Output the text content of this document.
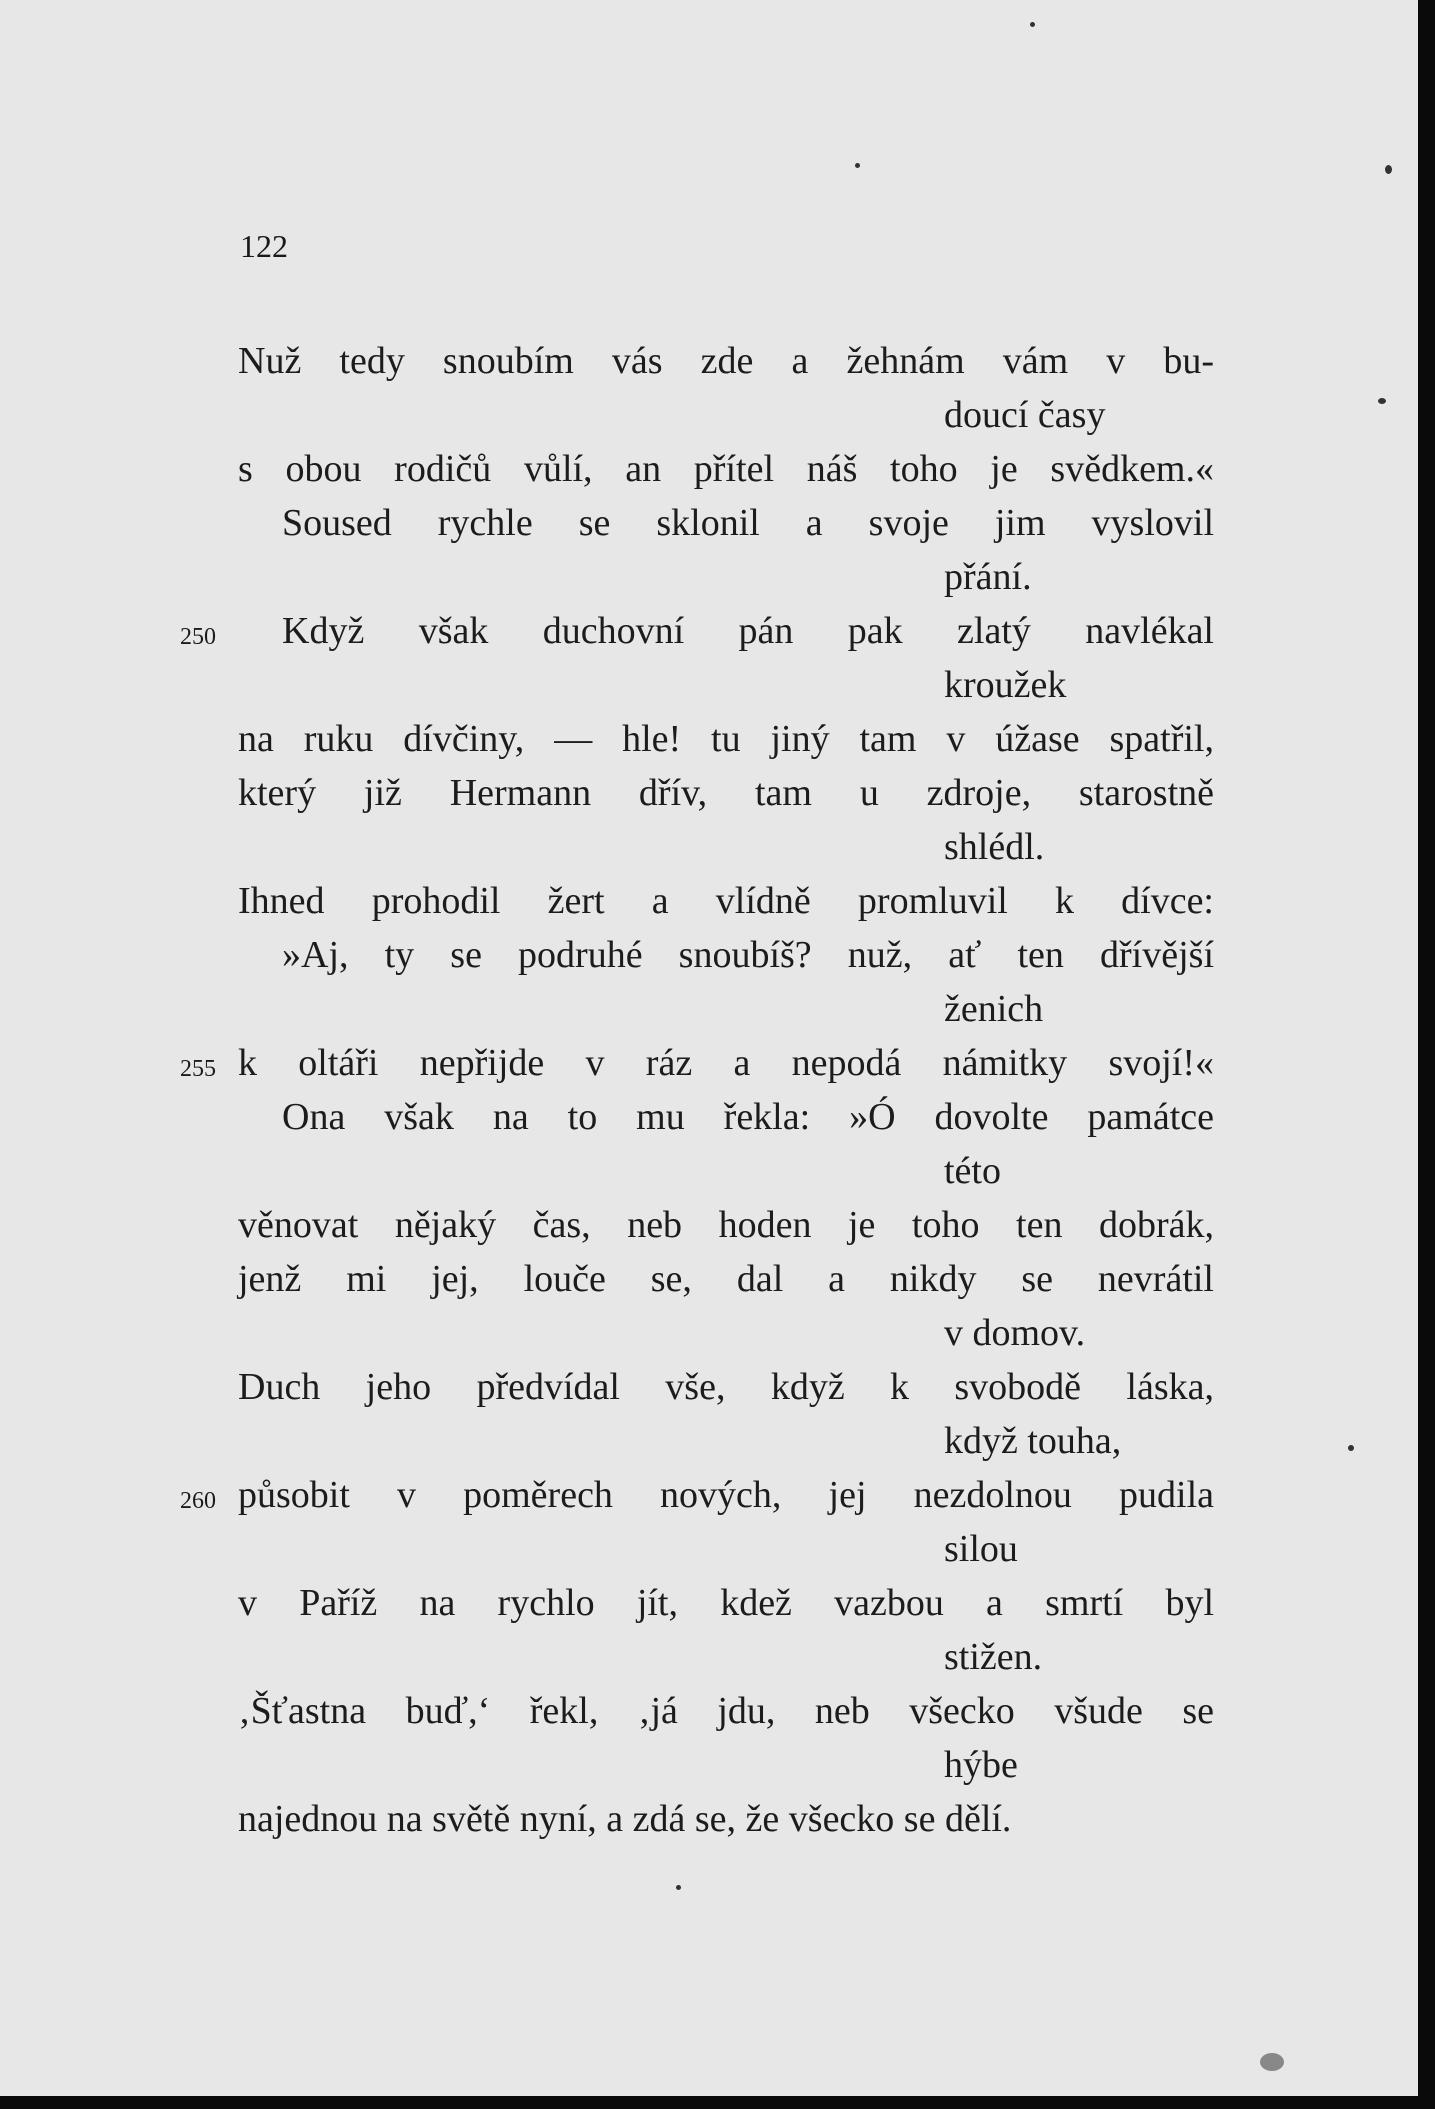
122
Nuž tedy snoubím vás zde a žehnám vám v bu-
doucí časy
s obou rodičů vůlí, an přítel náš toho je svědkem.«
Soused rychle se sklonil a svoje jim vyslovil
přání.
250 Když však duchovní pán pak zlatý navlékal
kroužek
na ruku dívčiny, — hle! tu jiný tam v úžase spatřil,
který již Hermann dřív, tam u zdroje, starostně
shlédl.
Ihned prohodil žert a vlídně promluvil k dívce:
»Aj, ty se podruhé snoubíš? nuž, ať ten dřívější
ženich
255 k oltáři nepřijde v ráz a nepodá námitky svojí!«
Ona však na to mu řekla: »Ó dovolte památce
této
věnovat nějaký čas, neb hoden je toho ten dobrák,
jenž mi jej, louče se, dal a nikdy se nevrátil
v domov.
Duch jeho předvídal vše, když k svobodě láska,
když touha,
260 působit v poměrech nových, jej nezdolnou pudila
silou
v Paříž na rychlo jít, kdež vazbou a smrtí byl
stižen.
‚Šťastna buď,‘ řekl, ‚já jdu, neb všecko všude se
hýbe
najednou na světě nyní, a zdá se, že všecko se dělí.
